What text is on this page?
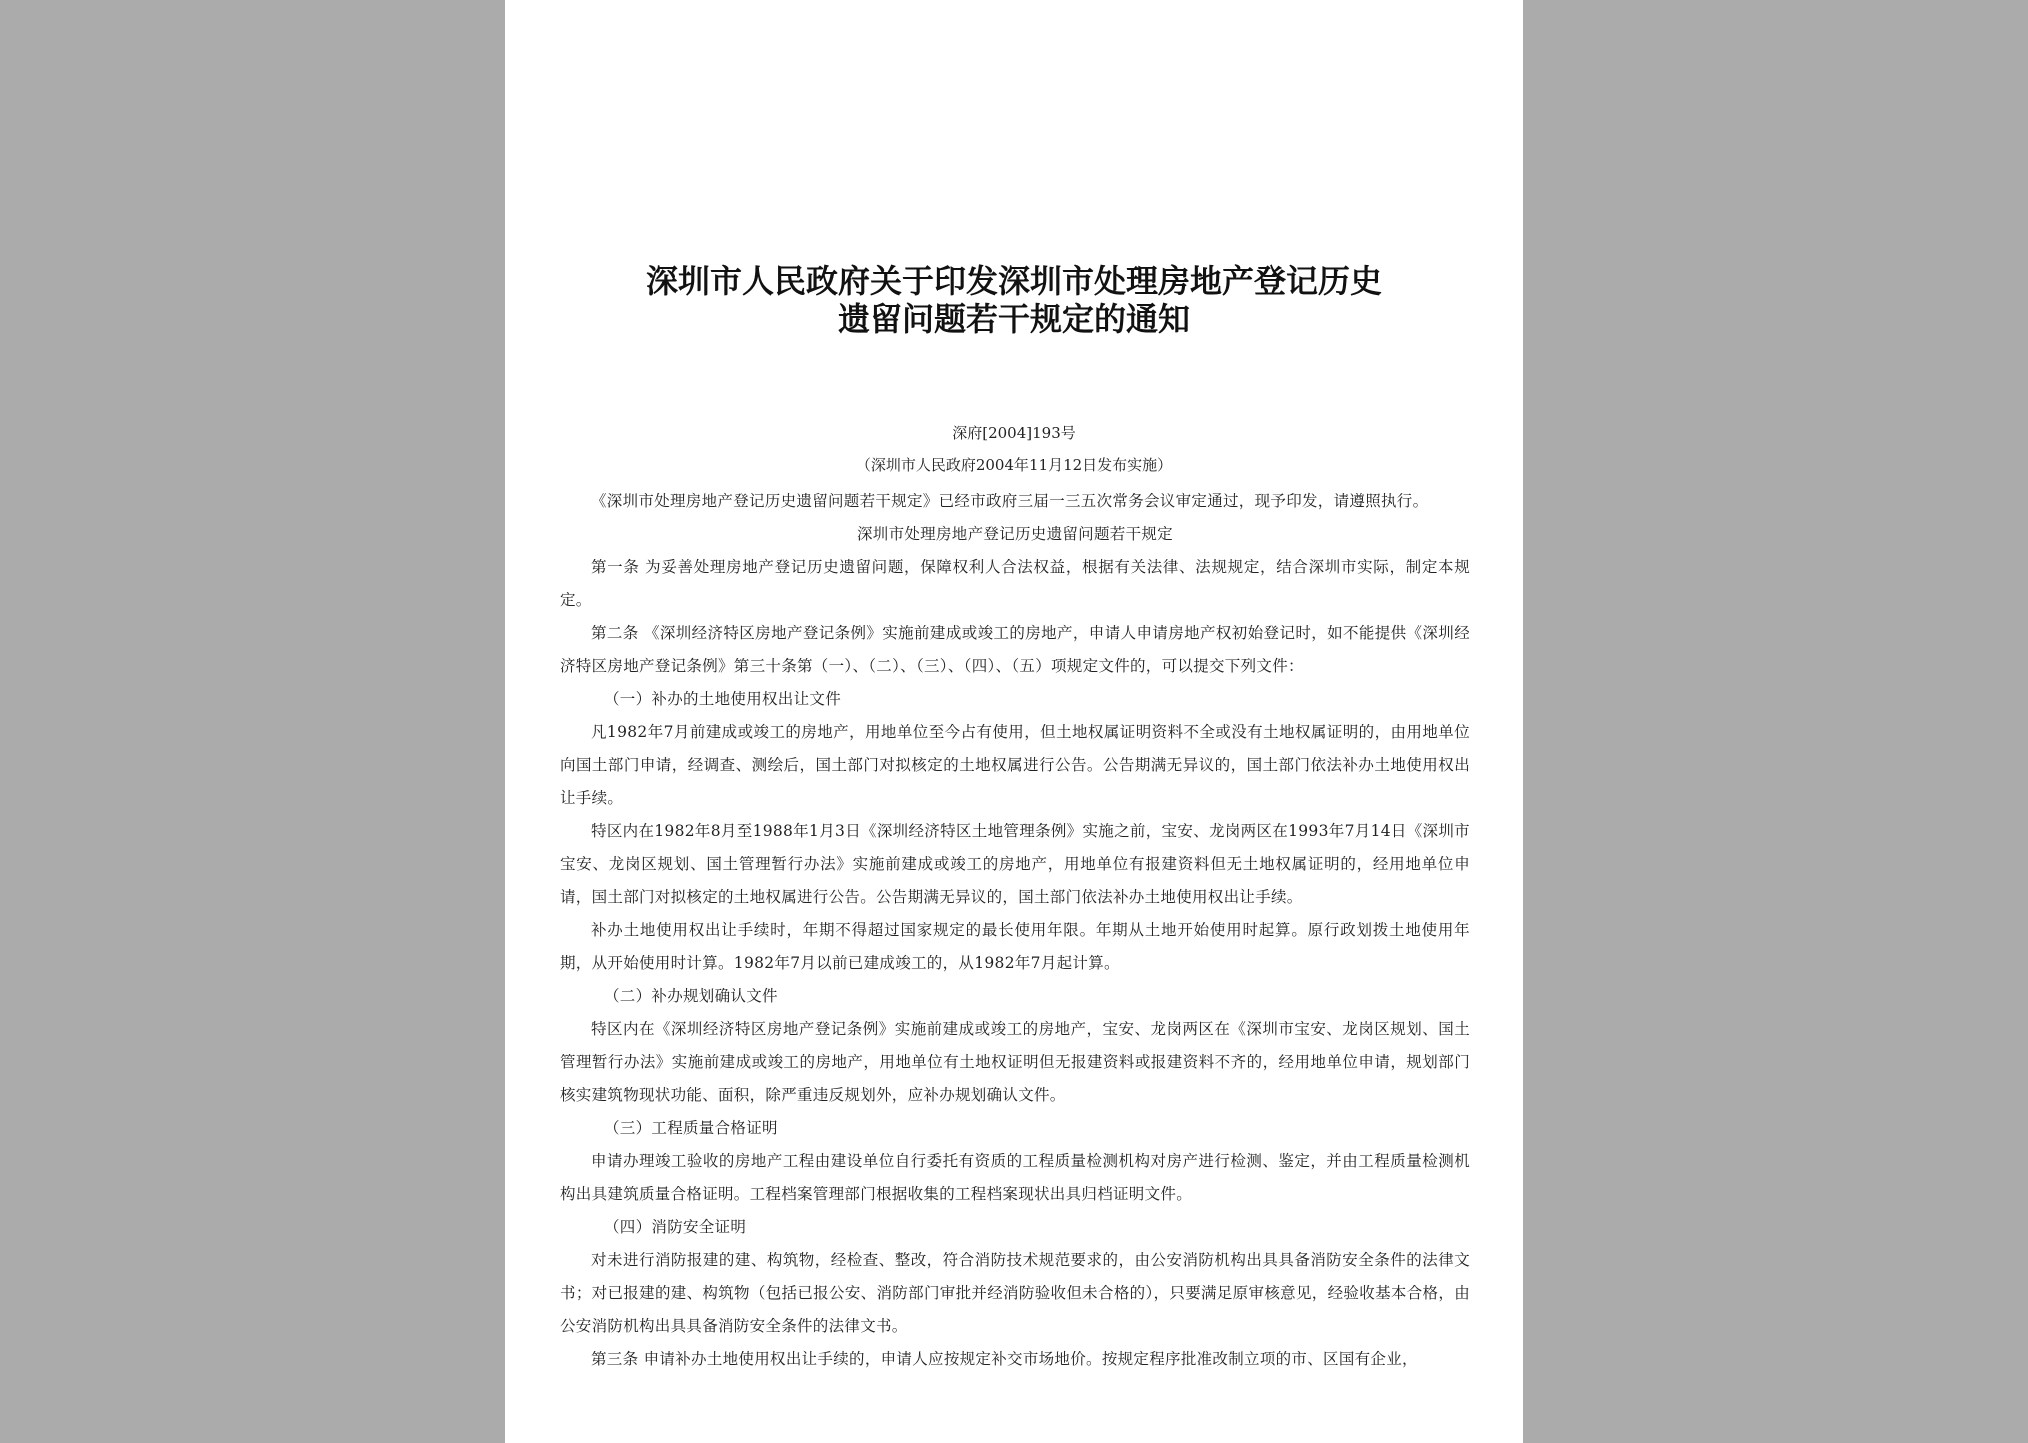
深圳市人民政府关于印发深圳市处理房地产登记历史
遗留问题若干规定的通知
深府[2004]193号
（深圳市人民政府2004年11月12日发布实施）

《深圳市处理房地产登记历史遗留问题若干规定》已经市政府三届一三五次常务会议审定通过，现予印发，请遵照执行。

深圳市处理房地产登记历史遗留问题若干规定

第一条 为妥善处理房地产登记历史遗留问题，保障权利人合法权益，根据有关法律、法规规定，结合深圳市实际，制定本规定。

第二条 《深圳经济特区房地产登记条例》实施前建成或竣工的房地产，申请人申请房地产权初始登记时，如不能提供《深圳经济特区房地产登记条例》第三十条第（一）、（二）、（三）、（四）、（五）项规定文件的，可以提交下列文件：

（一）补办的土地使用权出让文件

凡1982年7月前建成或竣工的房地产，用地单位至今占有使用，但土地权属证明资料不全或没有土地权属证明的，由用地单位向国土部门申请，经调查、测绘后，国土部门对拟核定的土地权属进行公告。公告期满无异议的，国土部门依法补办土地使用权出让手续。

特区内在1982年8月至1988年1月3日《深圳经济特区土地管理条例》实施之前，宝安、龙岗两区在1993年7月14日《深圳市宝安、龙岗区规划、国土管理暂行办法》实施前建成或竣工的房地产，用地单位有报建资料但无土地权属证明的，经用地单位申请，国土部门对拟核定的土地权属进行公告。公告期满无异议的，国土部门依法补办土地使用权出让手续。

补办土地使用权出让手续时，年期不得超过国家规定的最长使用年限。年期从土地开始使用时起算。原行政划拨土地使用年期，从开始使用时计算。1982年7月以前已建成竣工的，从1982年7月起计算。

（二）补办规划确认文件

特区内在《深圳经济特区房地产登记条例》实施前建成或竣工的房地产，宝安、龙岗两区在《深圳市宝安、龙岗区规划、国土管理暂行办法》实施前建成或竣工的房地产，用地单位有土地权证明但无报建资料或报建资料不齐的，经用地单位申请，规划部门核实建筑物现状功能、面积，除严重违反规划外，应补办规划确认文件。

（三）工程质量合格证明

申请办理竣工验收的房地产工程由建设单位自行委托有资质的工程质量检测机构对房产进行检测、鉴定，并由工程质量检测机构出具建筑质量合格证明。工程档案管理部门根据收集的工程档案现状出具归档证明文件。

（四）消防安全证明

对未进行消防报建的建、构筑物，经检查、整改，符合消防技术规范要求的，由公安消防机构出具具备消防安全条件的法律文书；对已报建的建、构筑物（包括已报公安、消防部门审批并经消防验收但未合格的），只要满足原审核意见，经验收基本合格，由公安消防机构出具具备消防安全条件的法律文书。

第三条 申请补办土地使用权出让手续的，申请人应按规定补交市场地价。按规定程序批准改制立项的市、区国有企业，
